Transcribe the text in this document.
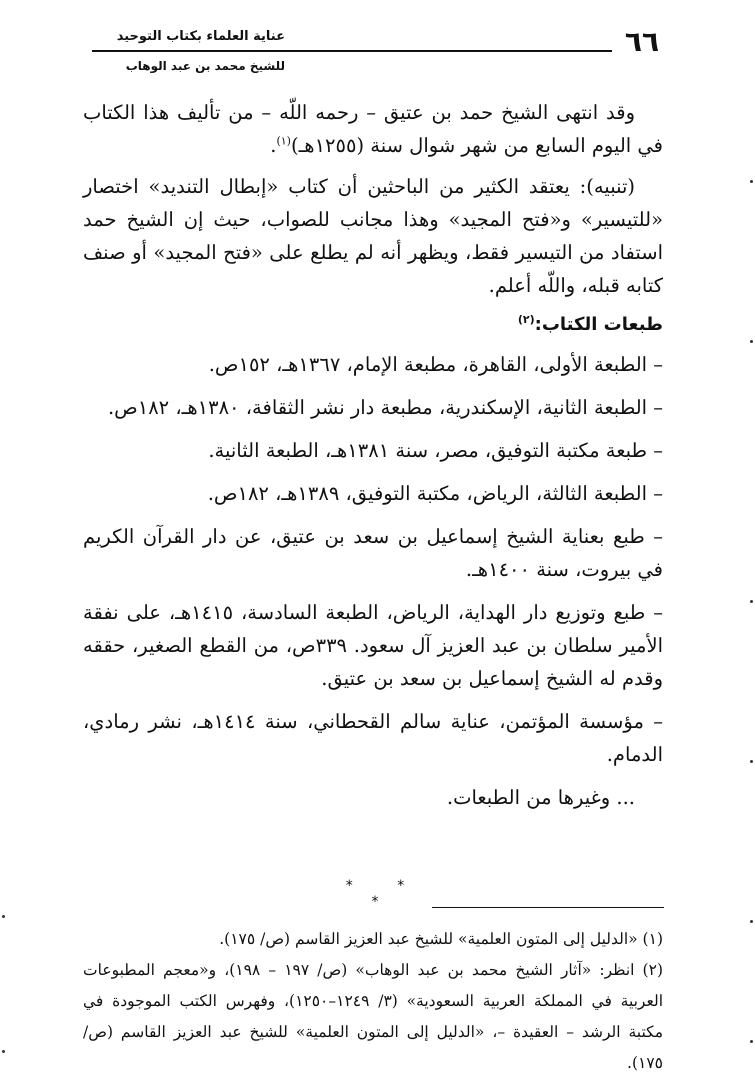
٦٦
عناية العلماء بكتاب التوحيد
للشيخ محمد بن عبد الوهاب

وقد انتهى الشيخ حمد بن عتيق – رحمه اللّه – من تأليف هذا الكتاب في اليوم السابع من شهر شوال سنة (١٢٥٥هـ)$^{(١)}$.

(تنبيه): يعتقد الكثير من الباحثين أن كتاب «إبطال التنديد» اختصار «للتيسير» و«فتح المجيد» وهذا مجانب للصواب، حيث إن الشيخ حمد استفاد من التيسير فقط، ويظهر أنه لم يطلع على «فتح المجيد» أو صنف كتابه قبله، واللّه أعلم.

طبعات الكتاب:$^{(٢)}$

– الطبعة الأولى، القاهرة، مطبعة الإمام، ١٣٦٧هـ، ١٥٢ص.

– الطبعة الثانية، الإسكندرية، مطبعة دار نشر الثقافة، ١٣٨٠هـ، ١٨٢ص.

– طبعة مكتبة التوفيق، مصر، سنة ١٣٨١هـ، الطبعة الثانية.

– الطبعة الثالثة، الرياض، مكتبة التوفيق، ١٣٨٩هـ، ١٨٢ص.

– طبع بعناية الشيخ إسماعيل بن سعد بن عتيق، عن دار القرآن الكريم في بيروت، سنة ١٤٠٠هـ.

– طبع وتوزيع دار الهداية، الرياض، الطبعة السادسة، ١٤١٥هـ، على نفقة الأمير سلطان بن عبد العزيز آل سعود. ٣٣٩ص، من القطع الصغير، حققه وقدم له الشيخ إسماعيل بن سعد بن عتيق.

– مؤسسة المؤتمن، عناية سالم القحطاني، سنة ١٤١٤هـ، نشر رمادي، الدمام.

... وغيرها من الطبعات.

* * *

(١) «الدليل إلى المتون العلمية» للشيخ عبد العزيز القاسم (ص/ ١٧٥).

(٢) انظر: «آثار الشيخ محمد بن عبد الوهاب» (ص/ ١٩٧ – ١٩٨)، و«معجم المطبوعات العربية في المملكة العربية السعودية» (٣/ ١٢٤٩–١٢٥٠)، وفهرس الكتب الموجودة في مكتبة الرشد – العقيدة –، «الدليل إلى المتون العلمية» للشيخ عبد العزيز القاسم (ص/ ١٧٥).
